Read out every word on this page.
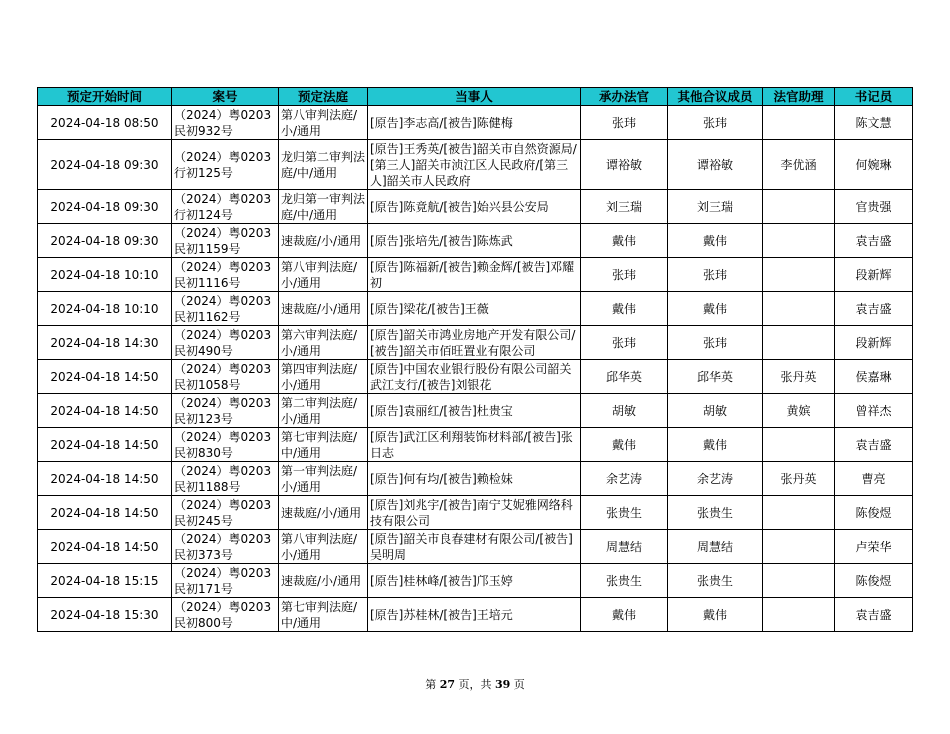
预定开始时间	案号	预定法庭	当事人	承办法官	其他合议成员	法官助理	书记员
2024-04-18 08:50	（2024）粤0203民初932号	第八审判法庭/小/通用	[原告]李志高/[被告]陈健梅	张玮	张玮		陈文慧
2024-04-18 09:30	（2024）粤0203行初125号	龙归第二审判法庭/中/通用	[原告]王秀英/[被告]韶关市自然资源局/[第三人]韶关市浈江区人民政府/[第三人]韶关市人民政府	谭裕敏	谭裕敏	李优涵	何婉琳
2024-04-18 09:30	（2024）粤0203行初124号	龙归第一审判法庭/中/通用	[原告]陈竟航/[被告]始兴县公安局	刘三瑞	刘三瑞		官贵强
2024-04-18 09:30	（2024）粤0203民初1159号	速裁庭/小/通用	[原告]张培先/[被告]陈炼武	戴伟	戴伟		袁吉盛
2024-04-18 10:10	（2024）粤0203民初1116号	第八审判法庭/小/通用	[原告]陈福新/[被告]赖金辉/[被告]邓耀初	张玮	张玮		段新辉
2024-04-18 10:10	（2024）粤0203民初1162号	速裁庭/小/通用	[原告]梁花/[被告]王薇	戴伟	戴伟		袁吉盛
2024-04-18 14:30	（2024）粤0203民初490号	第六审判法庭/小/通用	[原告]韶关市鸿业房地产开发有限公司/[被告]韶关市佰旺置业有限公司	张玮	张玮		段新辉
2024-04-18 14:50	（2024）粤0203民初1058号	第四审判法庭/小/通用	[原告]中国农业银行股份有限公司韶关武江支行/[被告]刘银花	邱华英	邱华英	张丹英	侯嘉琳
2024-04-18 14:50	（2024）粤0203民初123号	第二审判法庭/小/通用	[原告]袁丽红/[被告]杜贵宝	胡敏	胡敏	黄嫔	曾祥杰
2024-04-18 14:50	（2024）粤0203民初830号	第七审判法庭/中/通用	[原告]武江区利翔装饰材料部/[被告]张日志	戴伟	戴伟		袁吉盛
2024-04-18 14:50	（2024）粤0203民初1188号	第一审判法庭/小/通用	[原告]何有均/[被告]赖检妹	余艺涛	余艺涛	张丹英	曹亮
2024-04-18 14:50	（2024）粤0203民初245号	速裁庭/小/通用	[原告]刘兆宇/[被告]南宁艾妮雅网络科技有限公司	张贵生	张贵生		陈俊煜
2024-04-18 14:50	（2024）粤0203民初373号	第八审判法庭/小/通用	[原告]韶关市良春建材有限公司/[被告]吴明周	周慧结	周慧结		卢荣华
2024-04-18 15:15	（2024）粤0203民初171号	速裁庭/小/通用	[原告]桂林峰/[被告]邝玉婷	张贵生	张贵生		陈俊煜
2024-04-18 15:30	（2024）粤0203民初800号	第七审判法庭/中/通用	[原告]苏桂林/[被告]王培元	戴伟	戴伟		袁吉盛
第 27 页，共 39 页
